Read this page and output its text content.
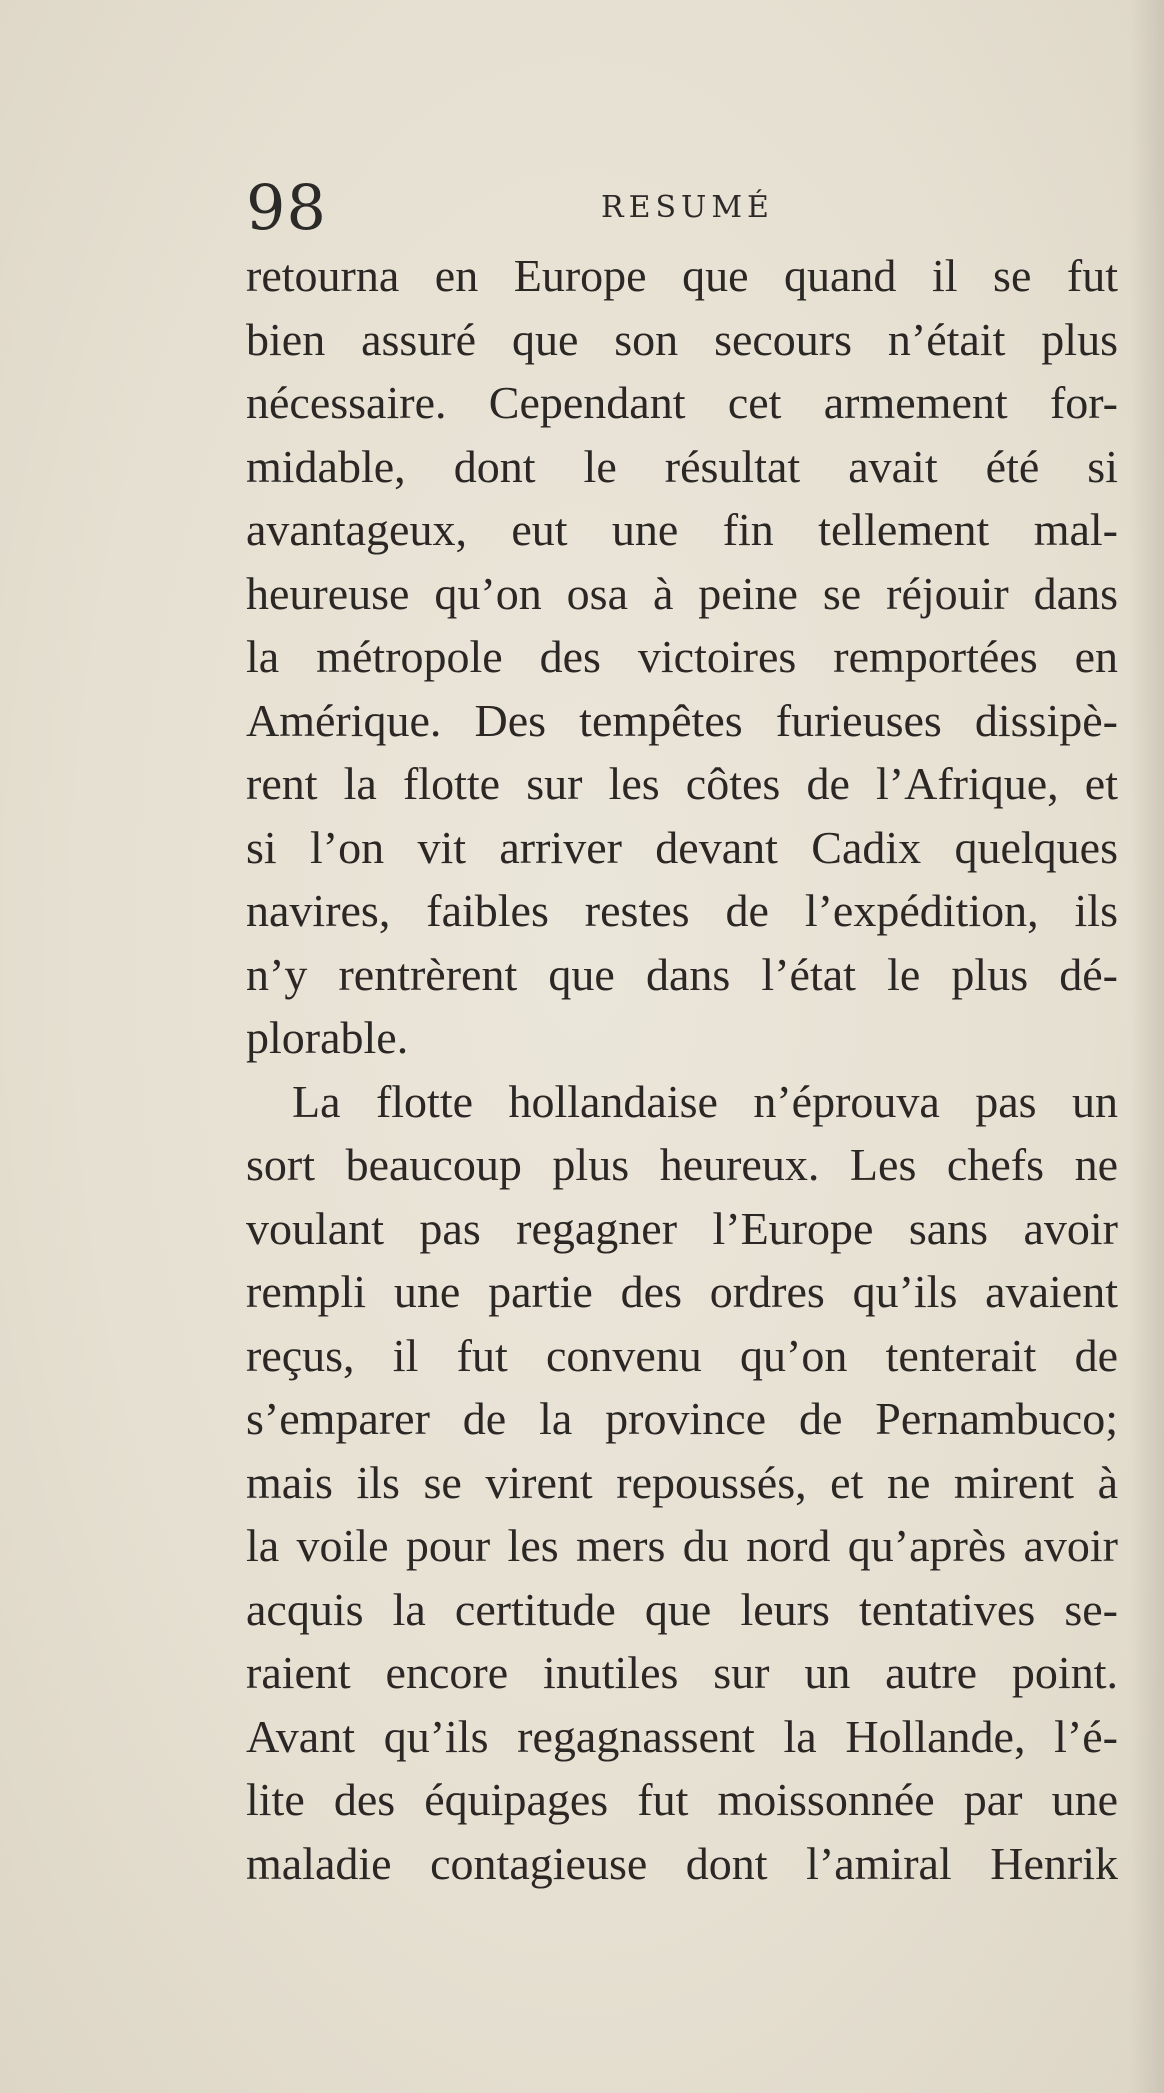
98	RESUMÉ
retourna en Europe que quand il se fut
bien assuré que son secours n’était plus
nécessaire. Cependant cet armement for-
midable, dont le résultat avait été si
avantageux, eut une fin tellement mal-
heureuse qu’on osa à peine se réjouir dans
la métropole des victoires remportées en
Amérique. Des tempêtes furieuses dissipè-
rent la flotte sur les côtes de l’Afrique, et
si l’on vit arriver devant Cadix quelques
navires, faibles restes de l’expédition, ils
n’y rentrèrent que dans l’état le plus dé-
plorable.
La flotte hollandaise n’éprouva pas un
sort beaucoup plus heureux. Les chefs ne
voulant pas regagner l’Europe sans avoir
rempli une partie des ordres qu’ils avaient
reçus, il fut convenu qu’on tenterait de
s’emparer de la province de Pernambuco;
mais ils se virent repoussés, et ne mirent à
la voile pour les mers du nord qu’après avoir
acquis la certitude que leurs tentatives se-
raient encore inutiles sur un autre point.
Avant qu’ils regagnassent la Hollande, l’é-
lite des équipages fut moissonnée par une
maladie contagieuse dont l’amiral Henrik
